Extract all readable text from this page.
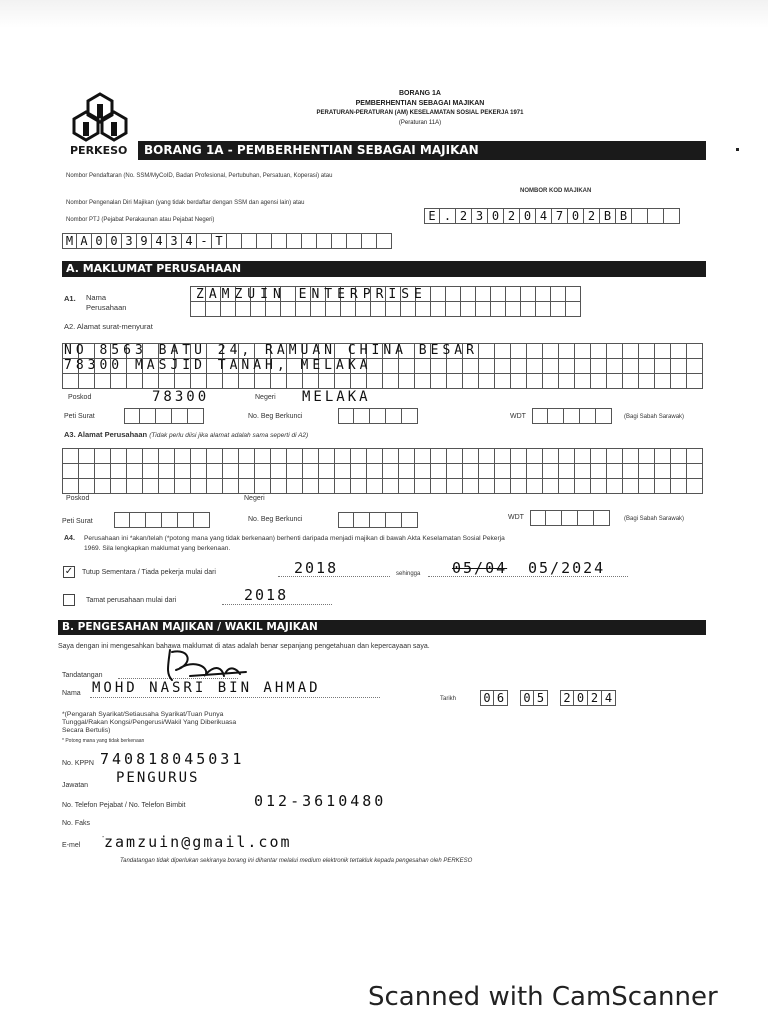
BORANG 1A
PEMBERHENTIAN SEBAGAI MAJIKAN
PERATURAN-PERATURAN (AM) KESELAMATAN SOSIAL PEKERJA 1971
(Peraturan 11A)
PERKESO	BORANG 1A - PEMBERHENTIAN SEBAGAI MAJIKAN
Nombor Pendaftaran (No. SSM/MyCoID, Badan Profesional, Pertubuhan, Persatuan, Koperasi) atau
NOMBOR KOD MAJIKAN
Nombor Pengenalan Diri Majikan (yang tidak berdaftar dengan SSM dan agensi lain) atau
Nombor PTJ (Pejabat Perakaunan atau Pejabat Negeri)	E . 2 3 0 2 0 4 7 0 2 B B
M A 0 0 3 9 4 3 4 - T
A. MAKLUMAT PERUSAHAAN
A1. Nama Perusahaan
ZAMZUIN ENTERPRISE
A2. Alamat surat-menyurat
NO 8563 BATU 24, RAMUAN CHINA BESAR
78300 MASJID TANAH, MELAKA
Poskod	78300	Negeri MELAKA
Peti Surat	No. Beg Berkunci	WDT	(Bagi Sabah Sarawak)
A3. Alamat Perusahaan (Tidak perlu diisi jika alamat adalah sama seperti di A2)
Poskod	Negeri
Peti Surat	No. Beg Berkunci	WDT	(Bagi Sabah Sarawak)
A4. Perusahaan ini *akan/telah (*potong mana yang tidak berkenaan) berhenti daripada menjadi majikan di bawah Akta Keselamatan Sosial Pekerja
1969. Sila lengkapkan maklumat yang berkenaan.
✓ Tutup Sementara / Tiada pekerja mulai dari	2018	sehingga 05/04 05/2024
Tamat perusahaan mulai dari	2018
B. PENGESAHAN MAJIKAN / WAKIL MAJIKAN
Saya dengan ini mengesahkan bahawa maklumat di atas adalah benar sepanjang pengetahuan dan kepercayaan saya.
Tandatangan
Nama MOHD NASRI BIN AHMAD
Tarikh 0 6	0 5	2 0 2 4
*(Pengarah Syarikat/Setiausaha Syarikat/Tuan Punya
Tunggal/Rakan Kongsi/Pengerusi/Wakil Yang Diberikuasa
Secara Bertulis)
* Potong mana yang tidak berkenaan
No. KPPN 740818045031
Jawatan PENGURUS
No. Telefon Pejabat / No. Telefon Bimbit	012-3610480
No. Faks
-
E-mel zamzuin@gmail.com
Tandatangan tidak diperlukan sekiranya borang ini dihantar melalui medium elektronik tertakluk kepada pengesahan oleh PERKESO
Scanned with CamScanner
